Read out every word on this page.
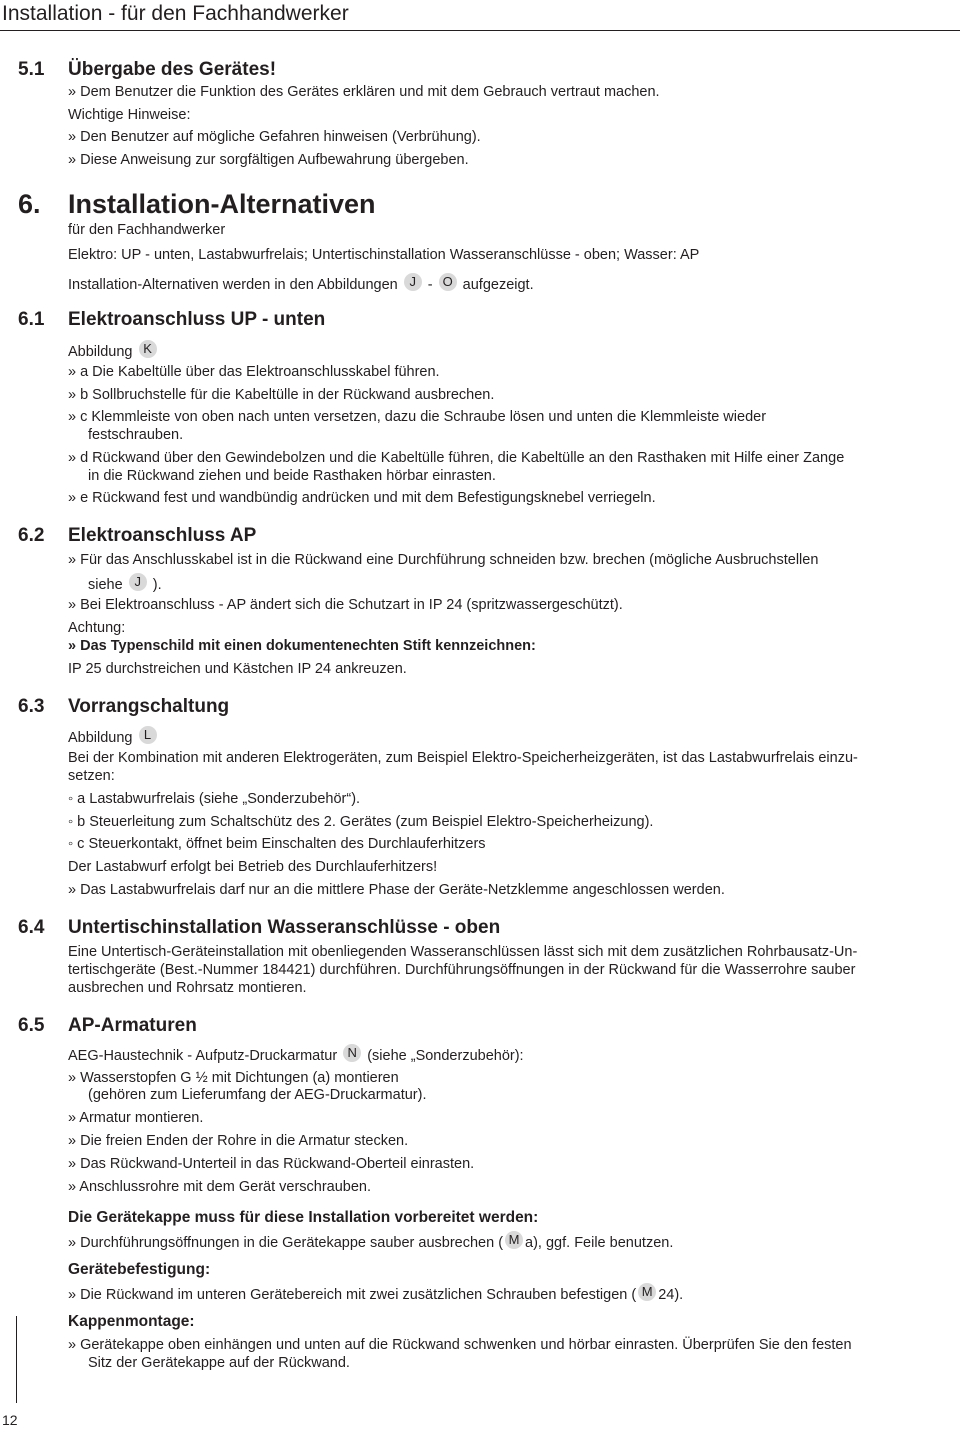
Installation - für den Fachhandwerker
5.1 Übergabe des Gerätes!
» Dem Benutzer die Funktion des Gerätes erklären und mit dem Gebrauch vertraut machen.
Wichtige Hinweise:
» Den Benutzer auf mögliche Gefahren hinweisen (Verbrühung).
» Diese Anweisung zur sorgfältigen Aufbewahrung übergeben.
6. Installation-Alternativen
für den Fachhandwerker
Elektro: UP - unten, Lastabwurfrelais; Untertischinstallation Wasseranschlüsse - oben; Wasser: AP
Installation-Alternativen werden in den Abbildungen J - O aufgezeigt.
6.1 Elektroanschluss UP - unten
Abbildung K
» a Die Kabeltülle über das Elektroanschlusskabel führen.
» b Sollbruchstelle für die Kabeltülle in der Rückwand ausbrechen.
» c Klemmleiste von oben nach unten versetzen, dazu die Schraube lösen und unten die Klemmleiste wieder
festschrauben.
» d Rückwand über den Gewindebolzen und die Kabeltülle führen, die Kabeltülle an den Rasthaken mit Hilfe einer Zange
in die Rückwand ziehen und beide Rasthaken hörbar einrasten.
» e Rückwand fest und wandbündig andrücken und mit dem Befestigungsknebel verriegeln.
6.2 Elektroanschluss AP
» Für das Anschlusskabel ist in die Rückwand eine Durchführung schneiden bzw. brechen (mögliche Ausbruchstellen
siehe J ).
» Bei Elektroanschluss - AP ändert sich die Schutzart in IP 24 (spritzwassergeschützt).
Achtung:
» Das Typenschild mit einen dokumentenechten Stift kennzeichnen:
IP 25 durchstreichen und Kästchen IP 24 ankreuzen.
6.3 Vorrangschaltung
Abbildung L
Bei der Kombination mit anderen Elektrogeräten, zum Beispiel Elektro-Speicherheizgeräten, ist das Lastabwurfrelais einzu-
setzen:
◦ a Lastabwurfrelais (siehe „Sonderzubehör“).
◦ b Steuerleitung zum Schaltschütz des 2. Gerätes (zum Beispiel Elektro-Speicherheizung).
◦ c Steuerkontakt, öffnet beim Einschalten des Durchlauferhitzers
Der Lastabwurf erfolgt bei Betrieb des Durchlauferhitzers!
» Das Lastabwurfrelais darf nur an die mittlere Phase der Geräte-Netzklemme angeschlossen werden.
6.4 Untertischinstallation Wasseranschlüsse - oben
Eine Untertisch-Geräteinstallation mit obenliegenden Wasseranschlüssen lässt sich mit dem zusätzlichen Rohrbausatz-Un-
tertischgeräte (Best.-Nummer 184421) durchführen. Durchführungsöffnungen in der Rückwand für die Wasserrohre sauber
ausbrechen und Rohrsatz montieren.
6.5 AP-Armaturen
AEG-Haustechnik - Aufputz-Druckarmatur N (siehe „Sonderzubehör):
» Wasserstopfen G ½ mit Dichtungen (a) montieren
(gehören zum Lieferumfang der AEG-Druckarmatur).
» Armatur montieren.
» Die freien Enden der Rohre in die Armatur stecken.
» Das Rückwand-Unterteil in das Rückwand-Oberteil einrasten.
» Anschlussrohre mit dem Gerät verschrauben.
Die Gerätekappe muss für diese Installation vorbereitet werden:
» Durchführungsöffnungen in die Gerätekappe sauber ausbrechen ( M a), ggf. Feile benutzen.
Gerätebefestigung:
» Die Rückwand im unteren Gerätebereich mit zwei zusätzlichen Schrauben befestigen ( M 24).
Kappenmontage:
» Gerätekappe oben einhängen und unten auf die Rückwand schwenken und hörbar einrasten. Überprüfen Sie den festen
Sitz der Gerätekappe auf der Rückwand.
12
